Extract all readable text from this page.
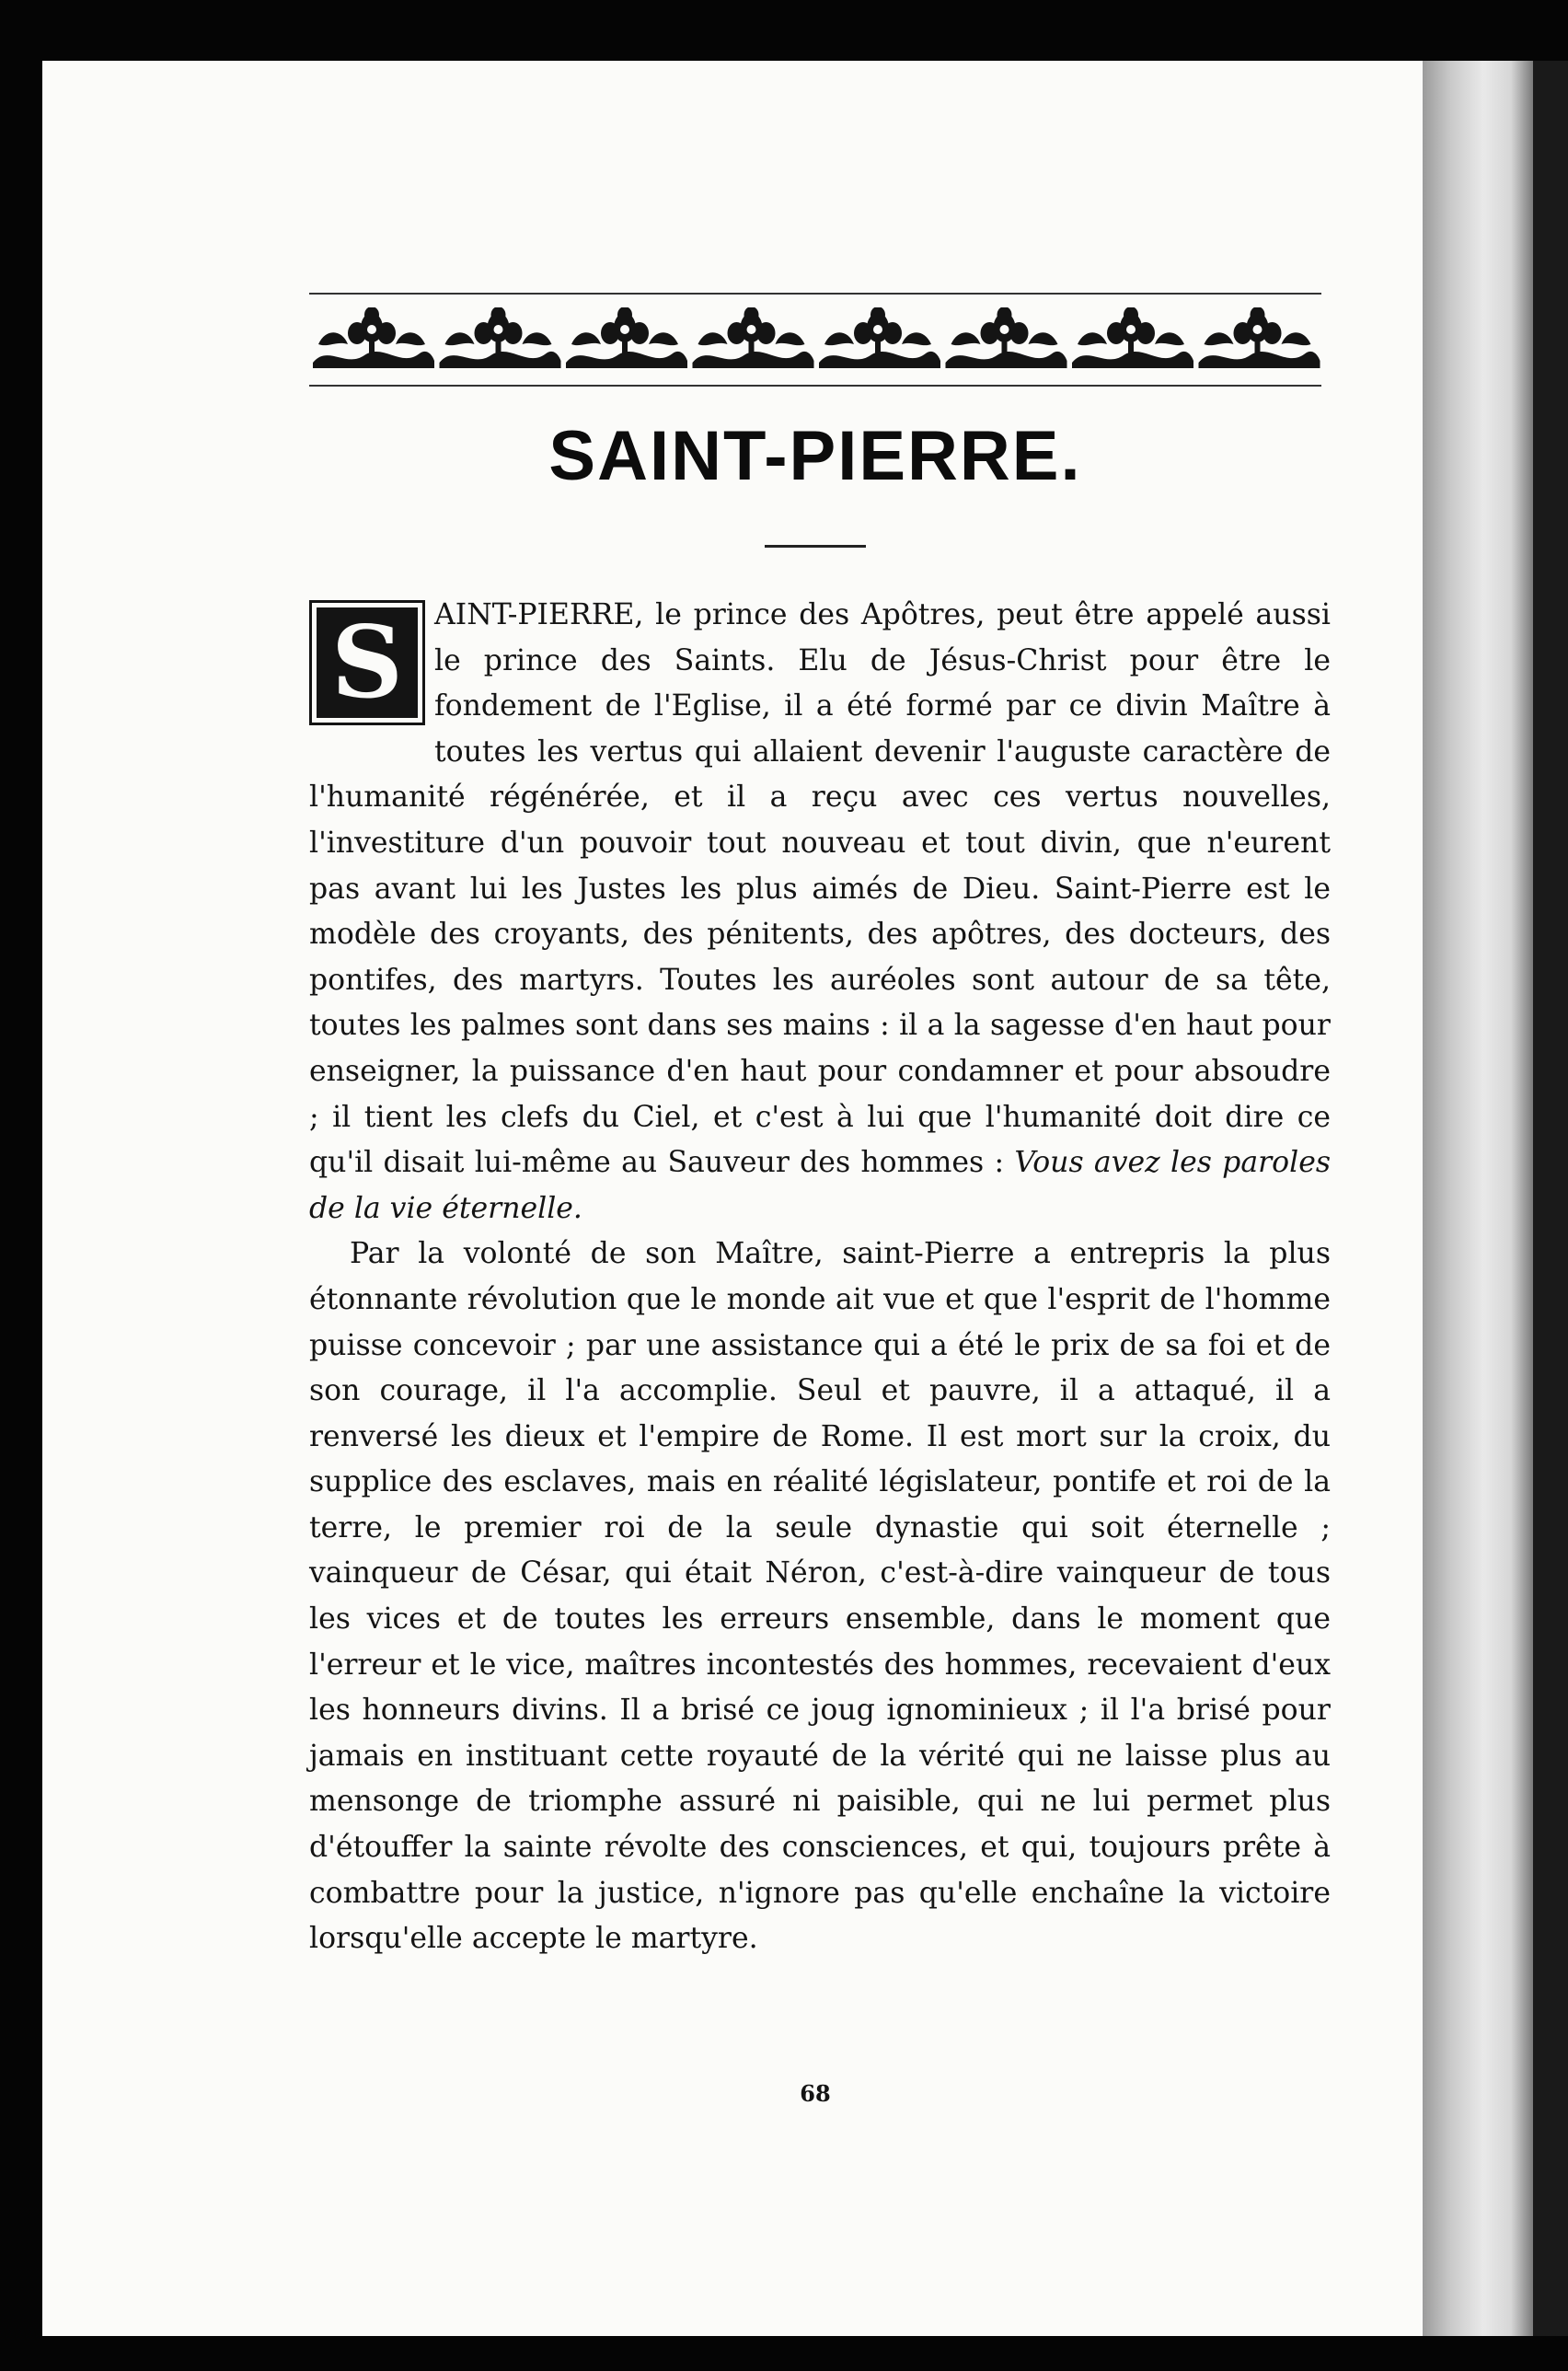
SAINT-PIERRE.
S	AINT-PIERRE, le prince des Apôtres, peut être appelé aussi le prince des Saints. Elu de Jésus-Christ pour être le fondement de l'Eglise, il a été formé par ce divin Maître à toutes les vertus qui allaient devenir l'auguste caractère de l'humanité régénérée, et il a reçu avec ces vertus nouvelles, l'investiture d'un pouvoir tout nouveau et tout divin, que n'eurent pas avant lui les Justes les plus aimés de Dieu. Saint-Pierre est le modèle des croyants, des pénitents, des apôtres, des docteurs, des pontifes, des martyrs. Toutes les auréoles sont autour de sa tête, toutes les palmes sont dans ses mains : il a la sagesse d'en haut pour enseigner, la puissance d'en haut pour condamner et pour absoudre ; il tient les clefs du Ciel, et c'est à lui que l'humanité doit dire ce qu'il disait lui-même au Sauveur des hommes : Vous avez les paroles de la vie éternelle.

Par la volonté de son Maître, saint-Pierre a entrepris la plus étonnante révolution que le monde ait vue et que l'esprit de l'homme puisse concevoir ; par une assistance qui a été le prix de sa foi et de son courage, il l'a accomplie. Seul et pauvre, il a attaqué, il a renversé les dieux et l'empire de Rome. Il est mort sur la croix, du supplice des esclaves, mais en réalité législateur, pontife et roi de la terre, le premier roi de la seule dynastie qui soit éternelle ; vainqueur de César, qui était Néron, c'est-à-dire vainqueur de tous les vices et de toutes les erreurs ensemble, dans le moment que l'erreur et le vice, maîtres incontestés des hommes, recevaient d'eux les honneurs divins. Il a brisé ce joug ignominieux ; il l'a brisé pour jamais en instituant cette royauté de la vérité qui ne laisse plus au mensonge de triomphe assuré ni paisible, qui ne lui permet plus d'étouffer la sainte révolte des consciences, et qui, toujours prête à combattre pour la justice, n'ignore pas qu'elle enchaîne la victoire lorsqu'elle accepte le martyre.

68
